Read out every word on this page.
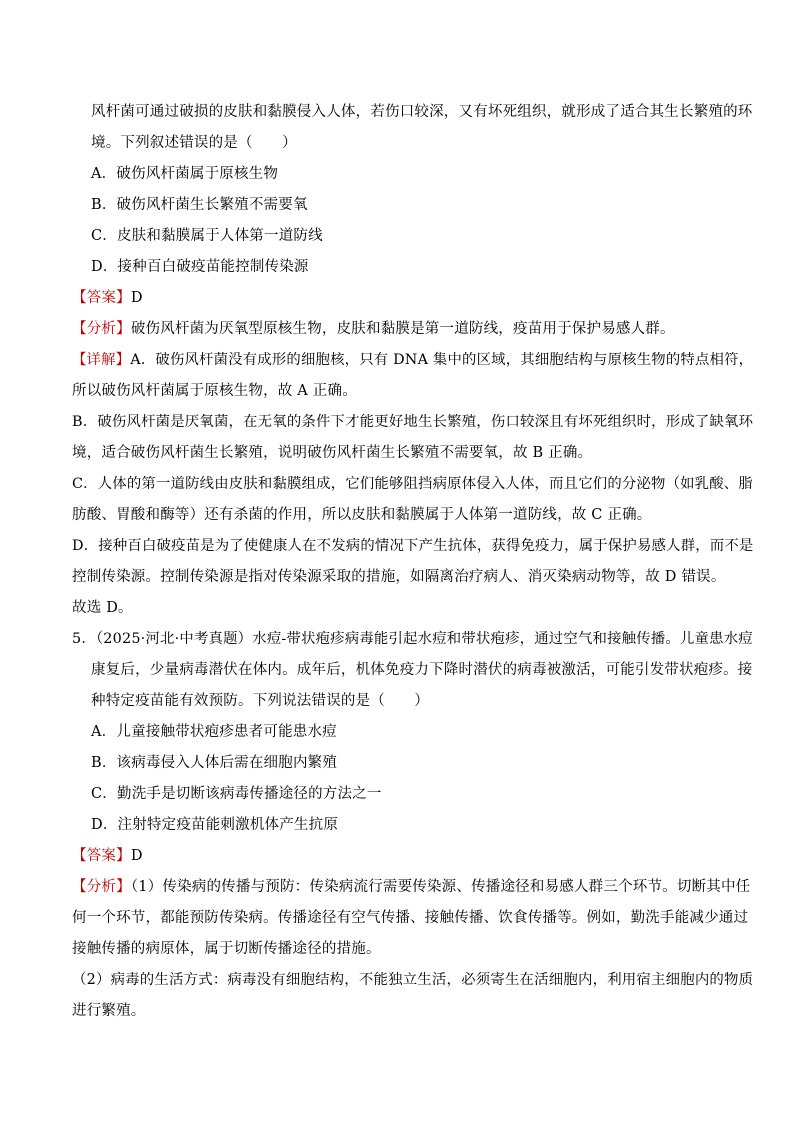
风杆菌可通过破损的皮肤和黏膜侵入人体，若伤口较深，又有坏死组织，就形成了适合其生长繁殖的环
境。下列叙述错误的是（　　）
A．破伤风杆菌属于原核生物
B．破伤风杆菌生长繁殖不需要氧
C．皮肤和黏膜属于人体第一道防线
D．接种百白破疫苗能控制传染源
【答案】D
【分析】破伤风杆菌为厌氧型原核生物，皮肤和黏膜是第一道防线，疫苗用于保护易感人群。
【详解】A．破伤风杆菌没有成形的细胞核，只有 DNA 集中的区域，其细胞结构与原核生物的特点相符，
所以破伤风杆菌属于原核生物，故 A 正确。
B．破伤风杆菌是厌氧菌，在无氧的条件下才能更好地生长繁殖，伤口较深且有坏死组织时，形成了缺氧环
境，适合破伤风杆菌生长繁殖，说明破伤风杆菌生长繁殖不需要氧，故 B 正确。
C．人体的第一道防线由皮肤和黏膜组成，它们能够阻挡病原体侵入人体，而且它们的分泌物（如乳酸、脂
肪酸、胃酸和酶等）还有杀菌的作用，所以皮肤和黏膜属于人体第一道防线，故 C 正确。
D．接种百白破疫苗是为了使健康人在不发病的情况下产生抗体，获得免疫力，属于保护易感人群，而不是
控制传染源。控制传染源是指对传染源采取的措施，如隔离治疗病人、消灭染病动物等，故 D 错误。
故选 D。
5．（2025·河北·中考真题）水痘-带状疱疹病毒能引起水痘和带状疱疹，通过空气和接触传播。儿童患水痘
康复后，少量病毒潜伏在体内。成年后，机体免疫力下降时潜伏的病毒被激活，可能引发带状疱疹。接
种特定疫苗能有效预防。下列说法错误的是（　　）
A．儿童接触带状疱疹患者可能患水痘
B．该病毒侵入人体后需在细胞内繁殖
C．勤洗手是切断该病毒传播途径的方法之一
D．注射特定疫苗能刺激机体产生抗原
【答案】D
【分析】（1）传染病的传播与预防：传染病流行需要传染源、传播途径和易感人群三个环节。切断其中任
何一个环节，都能预防传染病。传播途径有空气传播、接触传播、饮食传播等。例如，勤洗手能减少通过
接触传播的病原体，属于切断传播途径的措施。
（2）病毒的生活方式：病毒没有细胞结构，不能独立生活，必须寄生在活细胞内，利用宿主细胞内的物质
进行繁殖。
